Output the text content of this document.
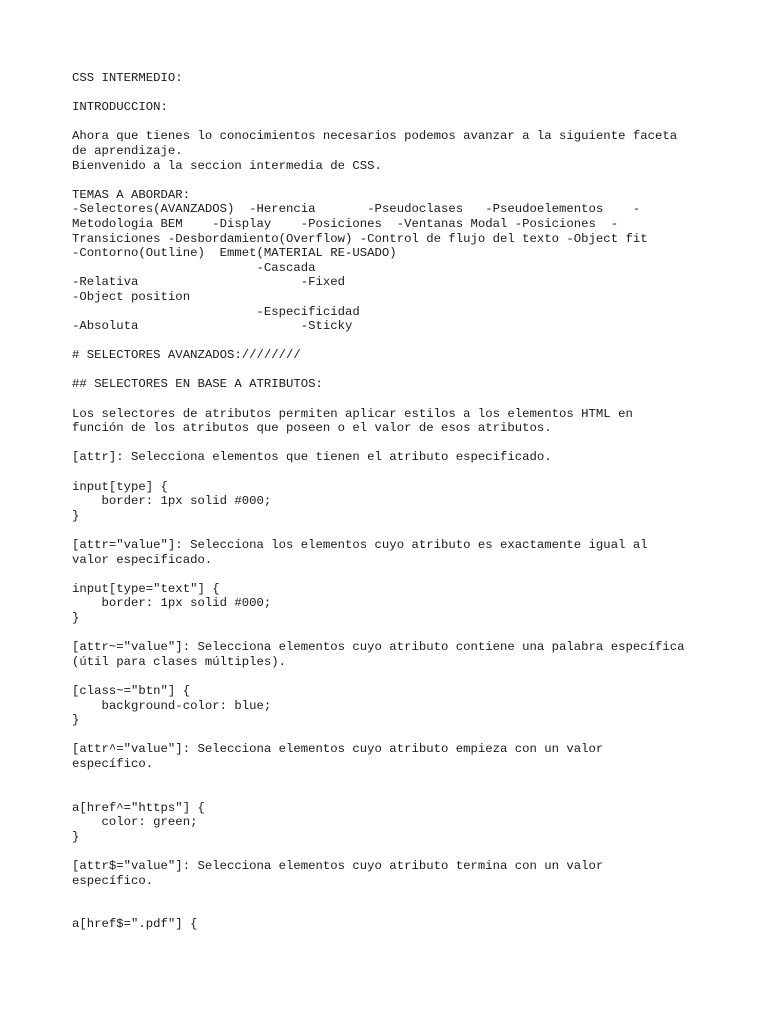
CSS INTERMEDIO:
INTRODUCCION:
Ahora que tienes lo conocimientos necesarios podemos avanzar a la siguiente faceta
de aprendizaje.
Bienvenido a la seccion intermedia de CSS.
TEMAS A ABORDAR:
-Selectores(AVANZADOS)  -Herencia       -Pseudoclases   -Pseudoelementos    -
Metodologia BEM    -Display    -Posiciones  -Ventanas Modal -Posiciones  -
Transiciones -Desbordamiento(Overflow) -Control de flujo del texto -Object fit
-Contorno(Outline)  Emmet(MATERIAL RE-USADO)
-Cascada
-Relativa                      -Fixed
-Object position
-Especificidad
-Absoluta                      -Sticky
# SELECTORES AVANZADOS:////////
## SELECTORES EN BASE A ATRIBUTOS:
Los selectores de atributos permiten aplicar estilos a los elementos HTML en
función de los atributos que poseen o el valor de esos atributos.
[attr]: Selecciona elementos que tienen el atributo especificado.
input[type] {
border: 1px solid #000;
}
[attr="value"]: Selecciona los elementos cuyo atributo es exactamente igual al
valor especificado.
input[type="text"] {
border: 1px solid #000;
}
[attr~="value"]: Selecciona elementos cuyo atributo contiene una palabra específica
(útil para clases múltiples).
[class~="btn"] {
background-color: blue;
}
[attr^="value"]: Selecciona elementos cuyo atributo empieza con un valor
específico.
a[href^="https"] {
color: green;
}
[attr$="value"]: Selecciona elementos cuyo atributo termina con un valor
específico.
a[href$=".pdf"] {
